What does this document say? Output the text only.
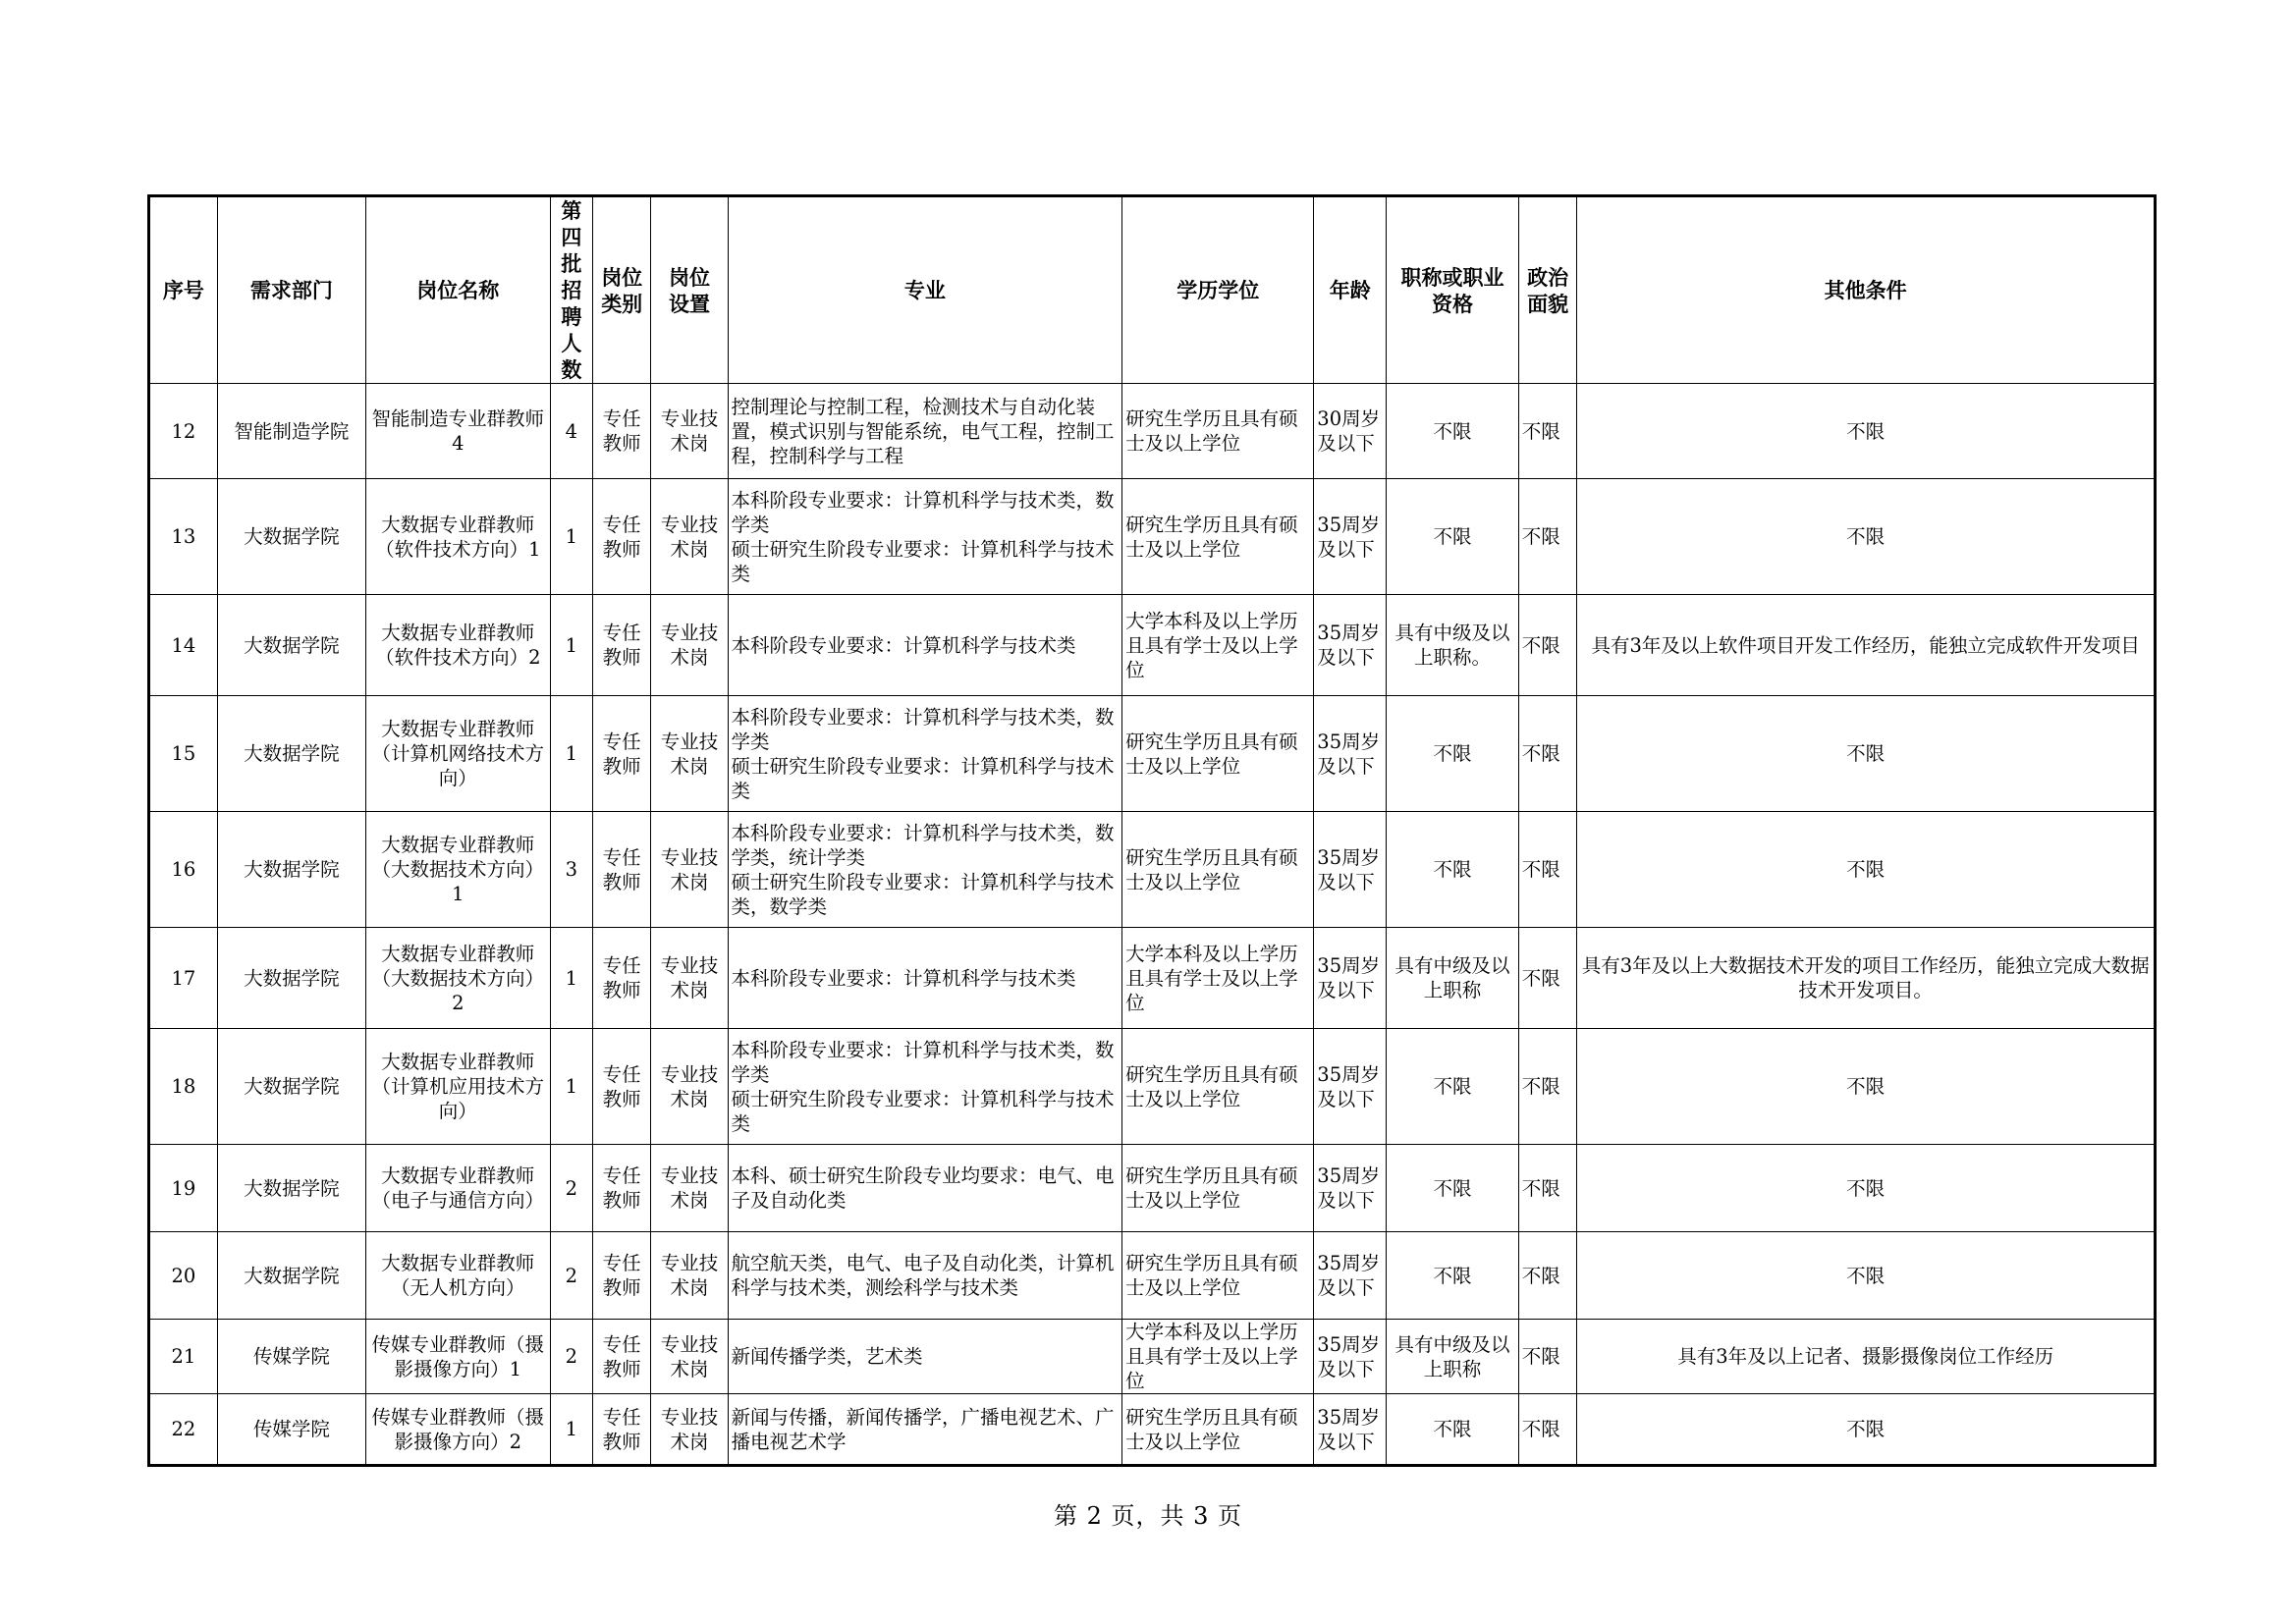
序号	需求部门	岗位名称	第四批招聘人数	岗位类别	岗位设置	专业	学历学位	年龄	职称或职业资格	政治面貌	其他条件
12	智能制造学院	智能制造专业群教师4	4	专任教师	专业技术岗	控制理论与控制工程，检测技术与自动化装置，模式识别与智能系统，电气工程，控制工程，控制科学与工程	研究生学历且具有硕士及以上学位	30周岁及以下	不限	不限	不限
13	大数据学院	大数据专业群教师（软件技术方向）1	1	专任教师	专业技术岗	本科阶段专业要求：计算机科学与技术类，数学类
硕士研究生阶段专业要求：计算机科学与技术类	研究生学历且具有硕士及以上学位	35周岁及以下	不限	不限	不限
14	大数据学院	大数据专业群教师（软件技术方向）2	1	专任教师	专业技术岗	本科阶段专业要求：计算机科学与技术类	大学本科及以上学历且具有学士及以上学位	35周岁及以下	具有中级及以上职称。	不限	具有3年及以上软件项目开发工作经历，能独立完成软件开发项目
15	大数据学院	大数据专业群教师（计算机网络技术方向）	1	专任教师	专业技术岗	本科阶段专业要求：计算机科学与技术类，数学类
硕士研究生阶段专业要求：计算机科学与技术类	研究生学历且具有硕士及以上学位	35周岁及以下	不限	不限	不限
16	大数据学院	大数据专业群教师（大数据技术方向）1	3	专任教师	专业技术岗	本科阶段专业要求：计算机科学与技术类，数学类，统计学类
硕士研究生阶段专业要求：计算机科学与技术类，数学类	研究生学历且具有硕士及以上学位	35周岁及以下	不限	不限	不限
17	大数据学院	大数据专业群教师（大数据技术方向）2	1	专任教师	专业技术岗	本科阶段专业要求：计算机科学与技术类	大学本科及以上学历且具有学士及以上学位	35周岁及以下	具有中级及以上职称	不限	具有3年及以上大数据技术开发的项目工作经历，能独立完成大数据技术开发项目。
18	大数据学院	大数据专业群教师（计算机应用技术方向）	1	专任教师	专业技术岗	本科阶段专业要求：计算机科学与技术类，数学类
硕士研究生阶段专业要求：计算机科学与技术类	研究生学历且具有硕士及以上学位	35周岁及以下	不限	不限	不限
19	大数据学院	大数据专业群教师（电子与通信方向）	2	专任教师	专业技术岗	本科、硕士研究生阶段专业均要求：电气、电子及自动化类	研究生学历且具有硕士及以上学位	35周岁及以下	不限	不限	不限
20	大数据学院	大数据专业群教师（无人机方向）	2	专任教师	专业技术岗	航空航天类，电气、电子及自动化类，计算机科学与技术类，测绘科学与技术类	研究生学历且具有硕士及以上学位	35周岁及以下	不限	不限	不限
21	传媒学院	传媒专业群教师（摄影摄像方向）1	2	专任教师	专业技术岗	新闻传播学类，艺术类	大学本科及以上学历且具有学士及以上学位	35周岁及以下	具有中级及以上职称	不限	具有3年及以上记者、摄影摄像岗位工作经历
22	传媒学院	传媒专业群教师（摄影摄像方向）2	1	专任教师	专业技术岗	新闻与传播，新闻传播学，广播电视艺术、广播电视艺术学	研究生学历且具有硕士及以上学位	35周岁及以下	不限	不限	不限
第 2 页，共 3 页
